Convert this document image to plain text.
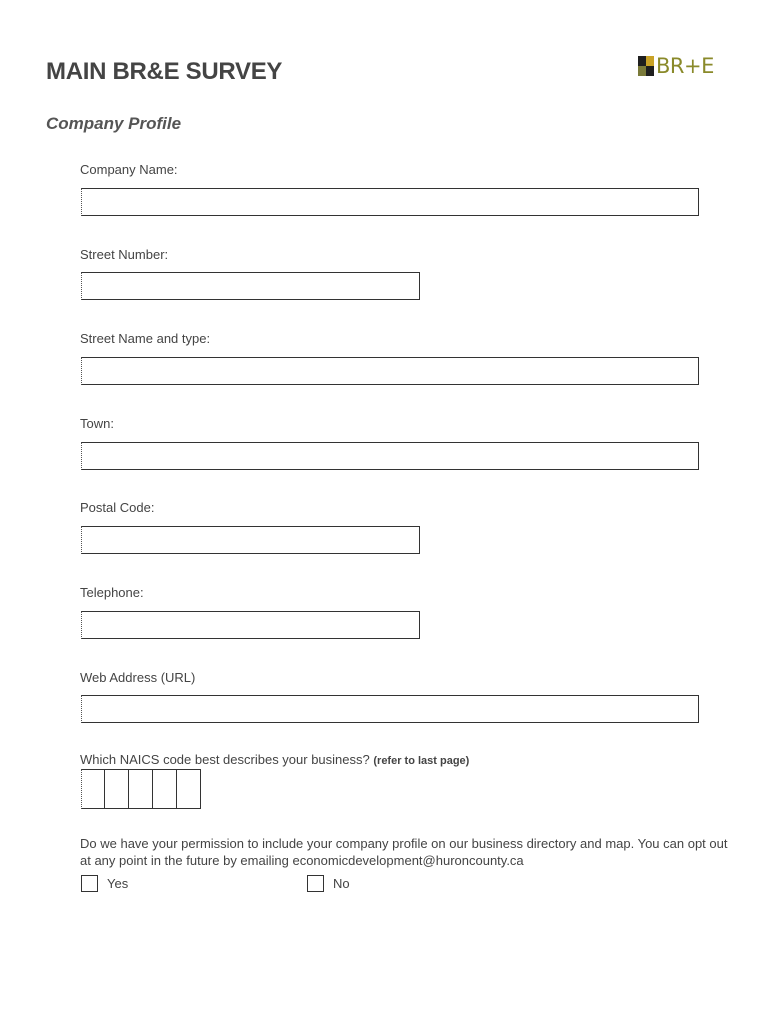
MAIN BR&E SURVEY	BR+E
Company Profile
Company Name:
Street Number:
Street Name and type:
Town:
Postal Code:
Telephone:
Web Address (URL)
Which NAICS code best describes your business? (refer to last page)
Do we have your permission to include your company profile on our business directory and map. You can opt out at any point in the future by emailing economicdevelopment@huroncounty.ca
Yes	No
